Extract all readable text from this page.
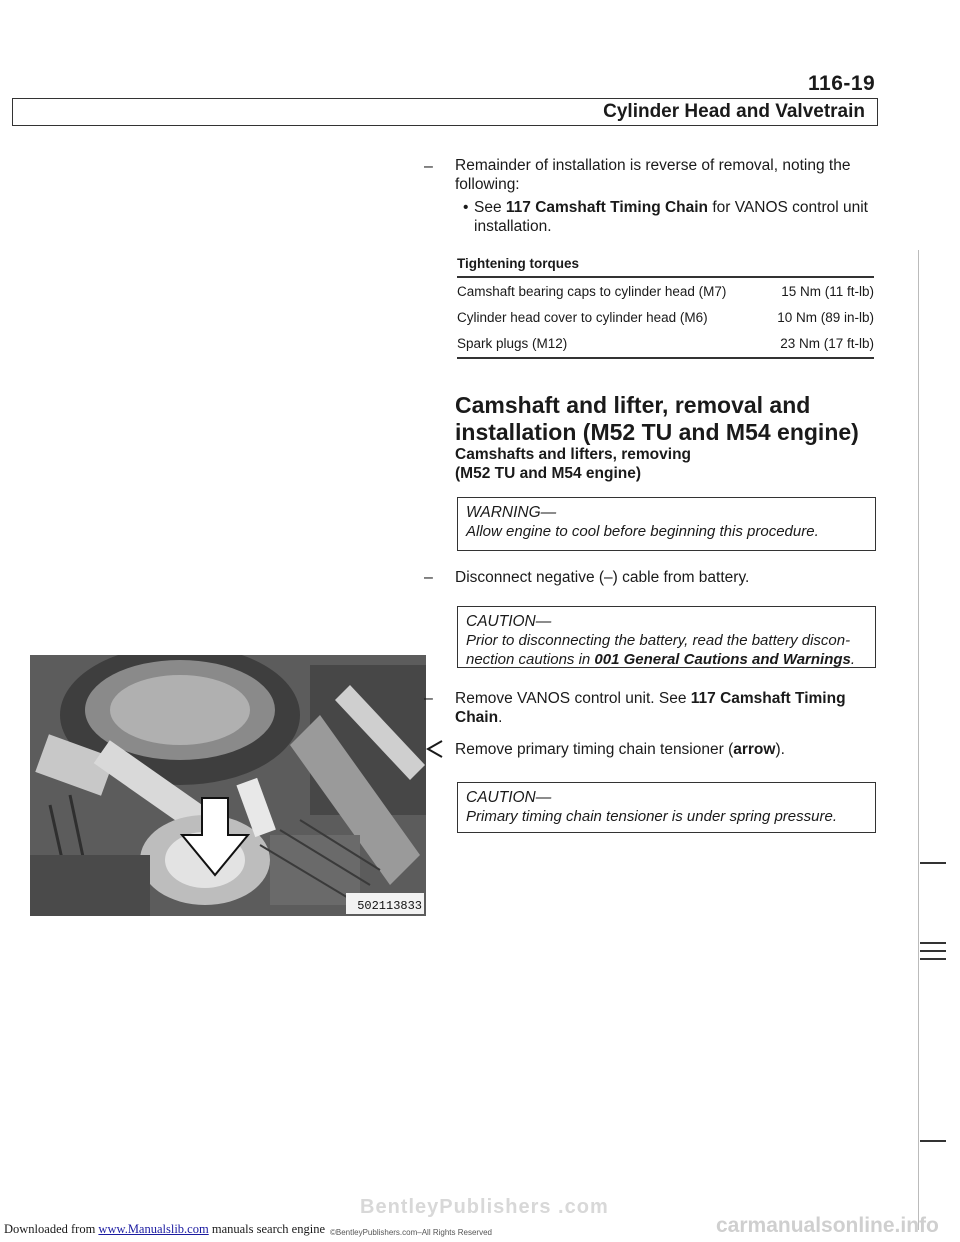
116-19
Cylinder Head and Valvetrain
– Remainder of installation is reverse of removal, noting the following:
• See 117 Camshaft Timing Chain for VANOS control unit installation.
Tightening torques
Camshaft bearing caps to cylinder head (M7)	15 Nm (11 ft-lb)
Cylinder head cover to cylinder head (M6)	10 Nm (89 in-lb)
Spark plugs (M12)	23 Nm (17 ft-lb)
Camshaft and lifter, removal and
installation (M52 TU and M54 engine)
Camshafts and lifters, removing
(M52 TU and M54 engine)
WARNING—
Allow engine to cool before beginning this procedure.
– Disconnect negative (–) cable from battery.
CAUTION—
Prior to disconnecting the battery, read the battery discon-
nection cautions in 001 General Cautions and Warnings.
502113833
– Remove VANOS control unit. See 117 Camshaft Timing Chain.
Remove primary timing chain tensioner (arrow).
CAUTION—
Primary timing chain tensioner is under spring pressure.
BentleyPublishers .com
©BentleyPublishers.com–All Rights Reserved
Downloaded from www.Manualslib.com manuals search engine	carmanualsonline.info
